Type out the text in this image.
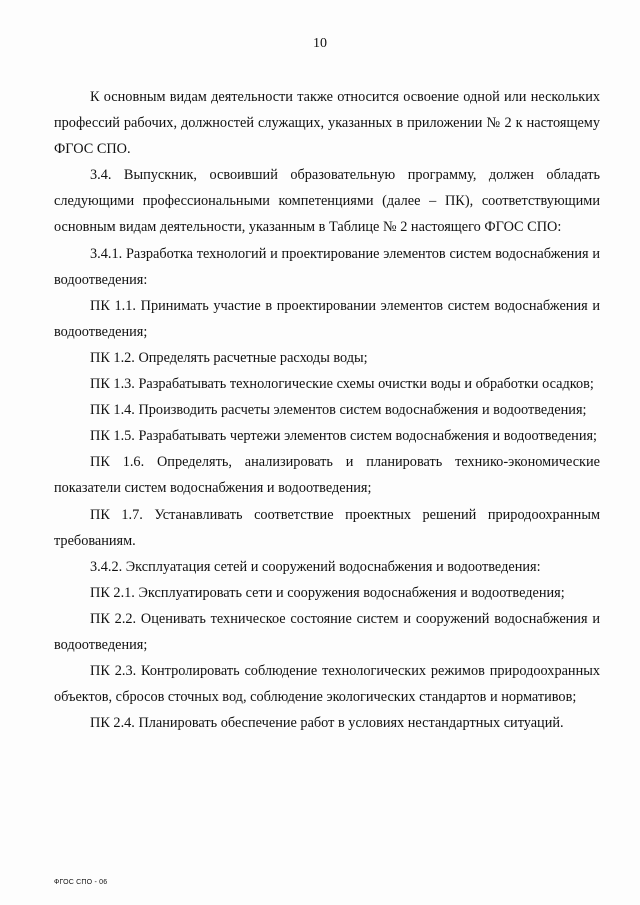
10

К основным видам деятельности также относится освоение одной или нескольких профессий рабочих, должностей служащих, указанных в приложении № 2 к настоящему ФГОС СПО.

3.4. Выпускник, освоивший образовательную программу, должен обладать следующими профессиональными компетенциями (далее – ПК), соответствующими основным видам деятельности, указанным в Таблице № 2 настоящего ФГОС СПО:

3.4.1. Разработка технологий и проектирование элементов систем водоснабжения и водоотведения:

ПК 1.1. Принимать участие в проектировании элементов систем водоснабжения и водоотведения;

ПК 1.2. Определять расчетные расходы воды;

ПК 1.3. Разрабатывать технологические схемы очистки воды и обработки осадков;

ПК 1.4. Производить расчеты элементов систем водоснабжения и водоотведения;

ПК 1.5. Разрабатывать чертежи элементов систем водоснабжения и водоотведения;

ПК 1.6. Определять, анализировать и планировать технико-экономические показатели систем водоснабжения и водоотведения;

ПК 1.7. Устанавливать соответствие проектных решений природоохранным требованиям.

3.4.2. Эксплуатация сетей и сооружений водоснабжения и водоотведения:

ПК 2.1. Эксплуатировать сети и сооружения водоснабжения и водоотведения;

ПК 2.2. Оценивать техническое состояние систем и сооружений водоснабжения и водоотведения;

ПК 2.3. Контролировать соблюдение технологических режимов природоохранных объектов, сбросов сточных вод, соблюдение экологических стандартов и нормативов;

ПК 2.4. Планировать обеспечение работ в условиях нестандартных ситуаций.

ФГОС СПО - 06
